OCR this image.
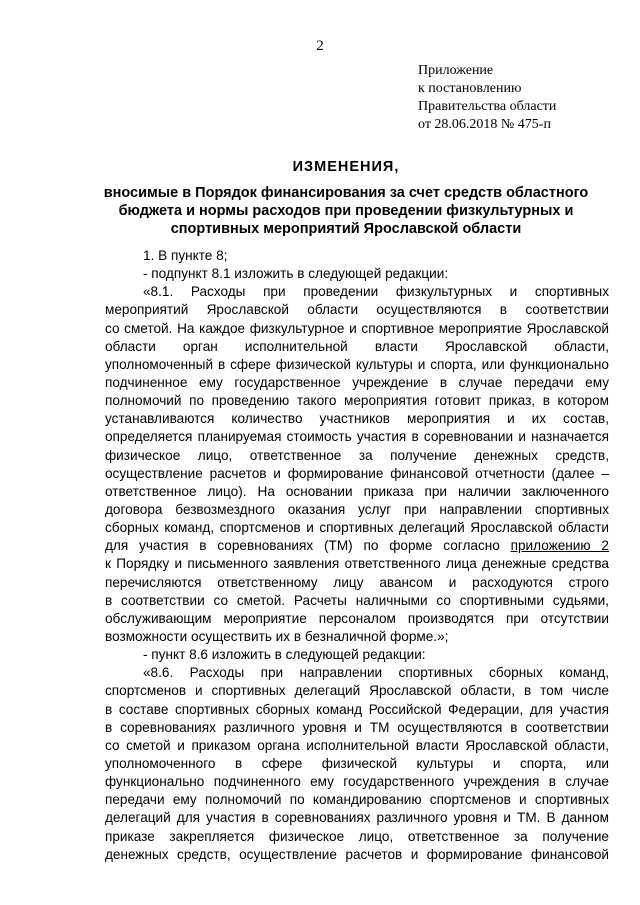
2
Приложение
к постановлению
Правительства области
от 28.06.2018 № 475-п
ИЗМЕНЕНИЯ,
вносимые в Порядок финансирования за счет средств областного
бюджета и нормы расходов при проведении физкультурных и
спортивных мероприятий Ярославской области
1. В пункте 8;
- подпункт 8.1 изложить в следующей редакции:
«8.1. Расходы при проведении физкультурных и спортивных
мероприятий Ярославской области осуществляются в соответствии
со сметой. На каждое физкультурное и спортивное мероприятие Ярославской
области орган исполнительной власти Ярославской области,
уполномоченный в сфере физической культуры и спорта, или функционально
подчиненное ему государственное учреждение в случае передачи ему
полномочий по проведению такого мероприятия готовит приказ, в котором
устанавливаются количество участников мероприятия и их состав,
определяется планируемая стоимость участия в соревновании и назначается
физическое лицо, ответственное за получение денежных средств,
осуществление расчетов и формирование финансовой отчетности (далее –
ответственное лицо). На основании приказа при наличии заключенного
договора безвозмездного оказания услуг при направлении спортивных
сборных команд, спортсменов и спортивных делегаций Ярославской области
для участия в соревнованиях (ТМ) по форме согласно приложению 2
к Порядку и письменного заявления ответственного лица денежные средства
перечисляются ответственному лицу авансом и расходуются строго
в соответствии со сметой. Расчеты наличными со спортивными судьями,
обслуживающим мероприятие персоналом производятся при отсутствии
возможности осуществить их в безналичной форме.»;
- пункт 8.6 изложить в следующей редакции:
«8.6. Расходы при направлении спортивных сборных команд,
спортсменов и спортивных делегаций Ярославской области, в том числе
в составе спортивных сборных команд Российской Федерации, для участия
в соревнованиях различного уровня и ТМ осуществляются в соответствии
со сметой и приказом органа исполнительной власти Ярославской области,
уполномоченного в сфере физической культуры и спорта, или
функционально подчиненного ему государственного учреждения в случае
передачи ему полномочий по командированию спортсменов и спортивных
делегаций для участия в соревнованиях различного уровня и ТМ. В данном
приказе закрепляется физическое лицо, ответственное за получение
денежных средств, осуществление расчетов и формирование финансовой
